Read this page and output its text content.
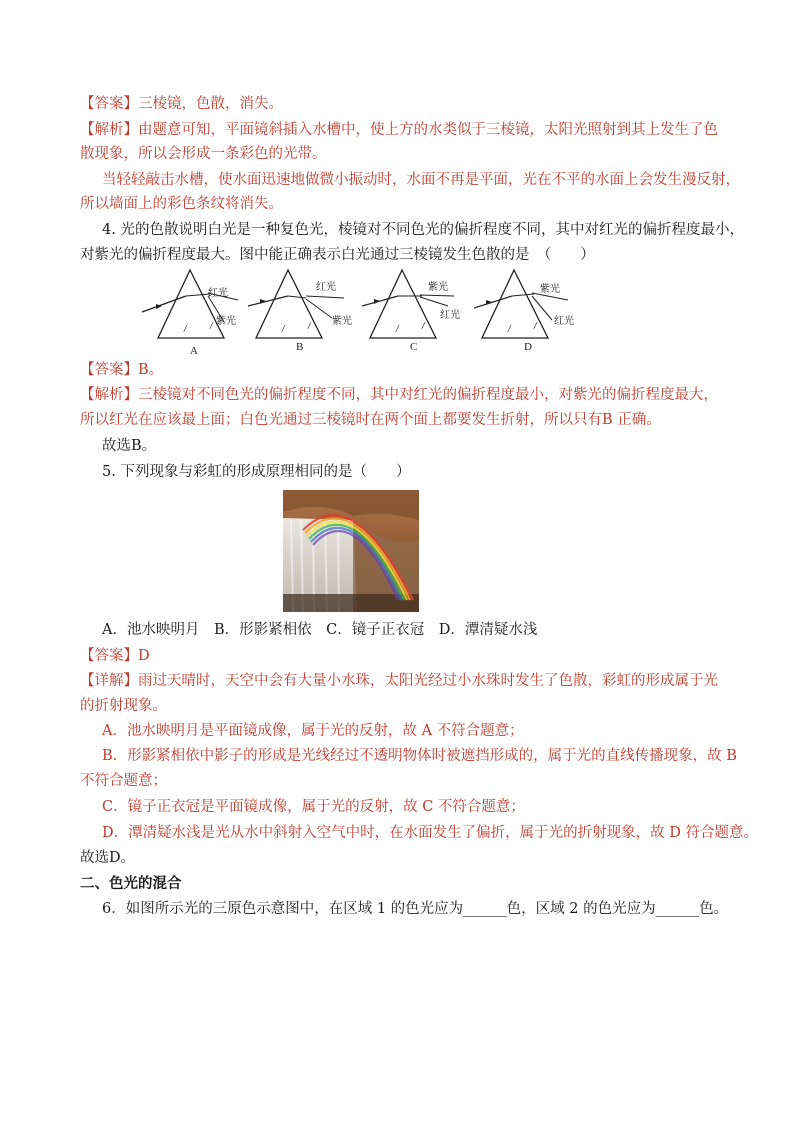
【答案】三棱镜，色散，消失。
【解析】由题意可知，平面镜斜插入水槽中，使上方的水类似于三棱镜，太阳光照射到其上发生了色
散现象，所以会形成一条彩色的光带。
当轻轻敲击水槽，使水面迅速地做微小振动时，水面不再是平面，光在不平的水面上会发生漫反射，
所以墙面上的彩色条纹将消失。
4. 光的色散说明白光是一种复色光，棱镜对不同色光的偏折程度不同，其中对红光的偏折程度最小，
对紫光的偏折程度最大。图中能正确表示白光通过三棱镜发生色散的是　（　　）
/	/
红光
紫光
A
/	/
红光
紫光
B
/	/
紫光
红光
C
/	/
紫光
红光
D
【答案】B。
【解析】三棱镜对不同色光的偏折程度不同，其中对红光的偏折程度最小，对紫光的偏折程度最大，
所以红光在应该最上面；白色光通过三棱镜时在两个面上都要发生折射，所以只有B 正确。
故选B。
5. 下列现象与彩虹的形成原理相同的是（　　）
A．池水映明月　B．形影紧相依　C．镜子正衣冠　D．潭清疑水浅
【答案】D
【详解】雨过天晴时，天空中会有大量小水珠，太阳光经过小水珠时发生了色散，彩虹的形成属于光
的折射现象。
A．池水映明月是平面镜成像，属于光的反射，故 A 不符合题意；
B．形影紧相依中影子的形成是光线经过不透明物体时被遮挡形成的，属于光的直线传播现象，故 B
不符合题意；
C．镜子正衣冠是平面镜成像，属于光的反射，故 C 不符合题意；
D．潭清疑水浅是光从水中斜射入空气中时，在水面发生了偏折，属于光的折射现象，故 D 符合题意。
故选D。
二、色光的混合
6．如图所示光的三原色示意图中，在区域 1 的色光应为______色，区域 2 的色光应为______色。
